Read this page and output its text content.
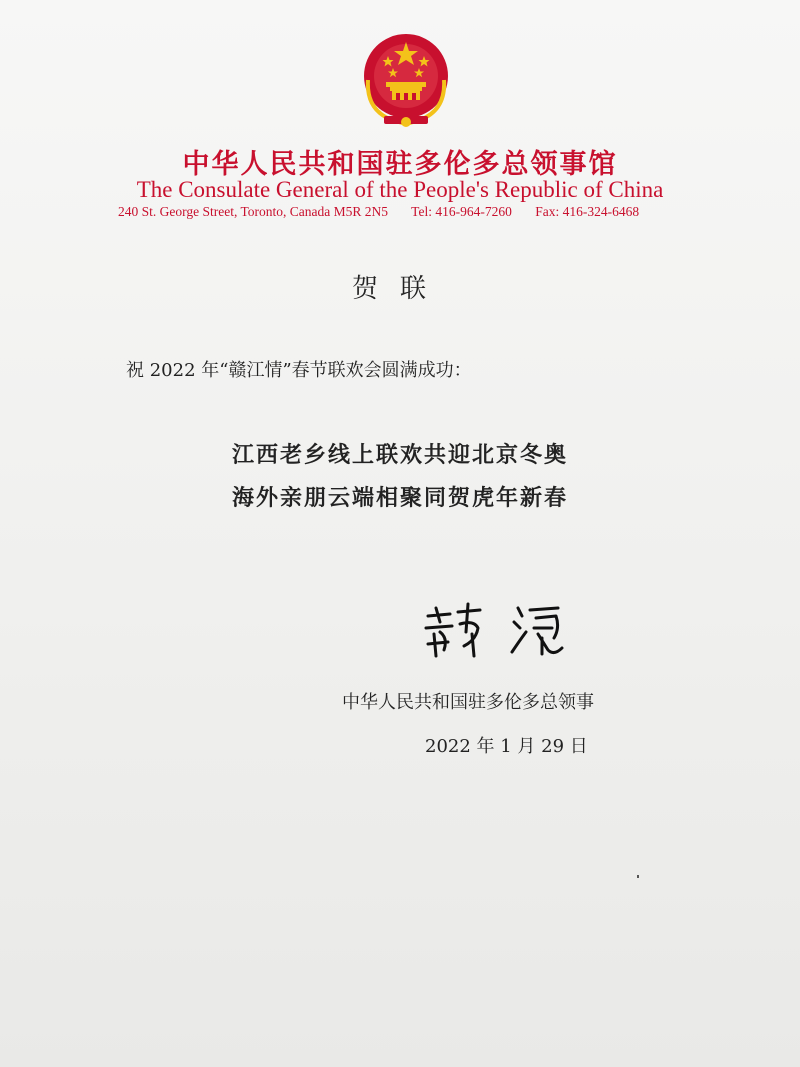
中华人民共和国驻多伦多总领事馆
The Consulate General of the People's Republic of China
240 St. George Street, Toronto, Canada M5R 2N5 Tel: 416-964-7260 Fax: 416-324-6468
贺联
祝 2022 年“赣江情”春节联欢会圆满成功：
江西老乡线上联欢共迎北京冬奥
海外亲朋云端相聚同贺虎年新春
中华人民共和国驻多伦多总领事
2022 年 1 月 29 日
